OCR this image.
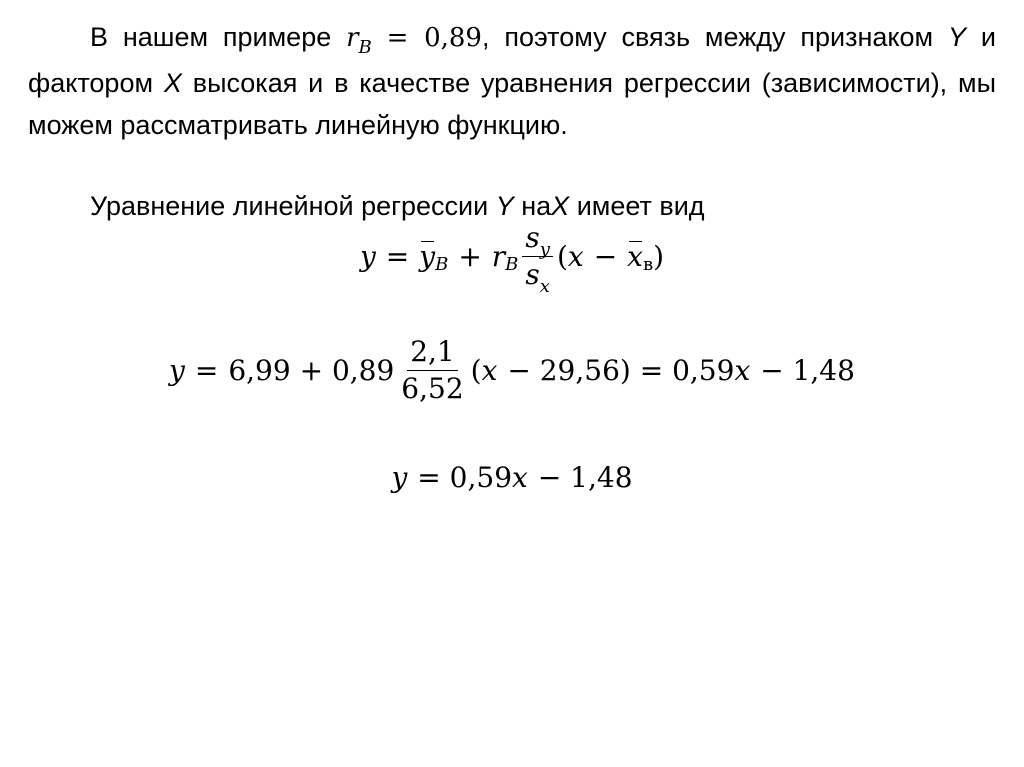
В нашем примере $r_B = 0,89$, поэтому связь между признаком Y и фактором X высокая и в качестве уравнения регрессии (зависимости), мы можем рассматривать линейную функцию.
Уравнение линейной регрессии Y наX имеет вид
y = y B + r B $\frac{s_y}{s_x}$ ( x − x в )
$y = 6,99 + 0,89 \frac{2,1}{6,52}$ ( x − 29,56) = 0,59 x − 1,48
y = 0,59 x − 1,48
